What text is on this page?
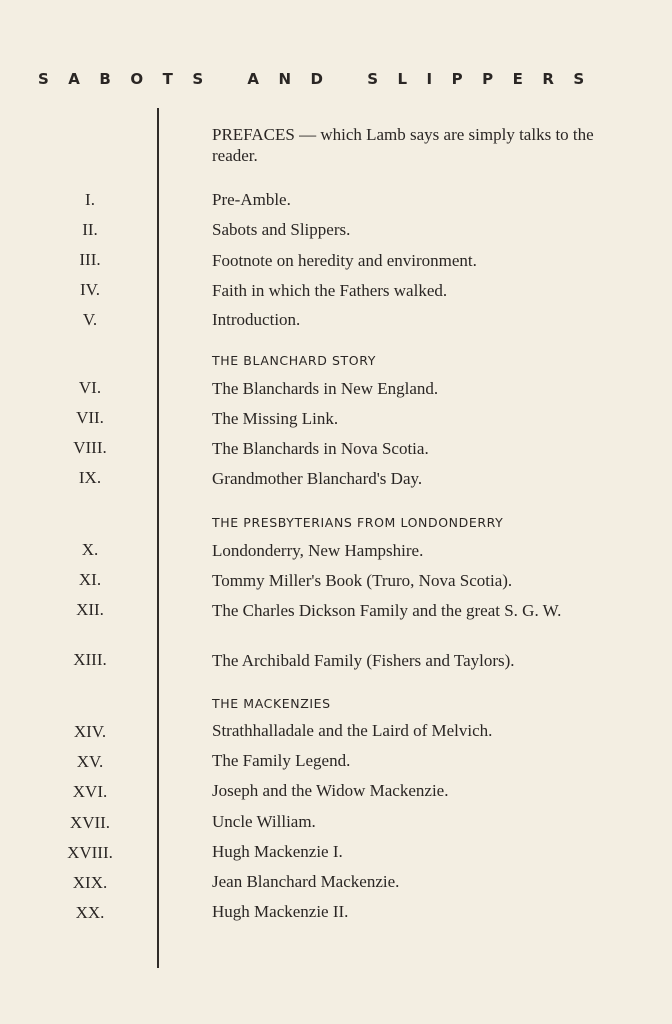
SABOTS AND SLIPPERS
PREFACES — which Lamb says are simply talks to the reader.
I.	Pre-Amble.
II.	Sabots and Slippers.
III.	Footnote on heredity and environment.
IV.	Faith in which the Fathers walked.
V.	Introduction.
THE BLANCHARD STORY
VI.	The Blanchards in New England.
VII.	The Missing Link.
VIII.	The Blanchards in Nova Scotia.
IX.	Grandmother Blanchard's Day.
THE PRESBYTERIANS FROM LONDONDERRY
X.	Londonderry, New Hampshire.
XI.	Tommy Miller's Book (Truro, Nova Scotia).
XII.	The Charles Dickson Family and the great S. G. W.
XIII.	The Archibald Family (Fishers and Taylors).
THE MACKENZIES
XIV.	Strathhalladale and the Laird of Melvich.
XV.	The Family Legend.
XVI.	Joseph and the Widow Mackenzie.
XVII.	Uncle William.
XVIII.	Hugh Mackenzie I.
XIX.	Jean Blanchard Mackenzie.
XX.	Hugh Mackenzie II.
